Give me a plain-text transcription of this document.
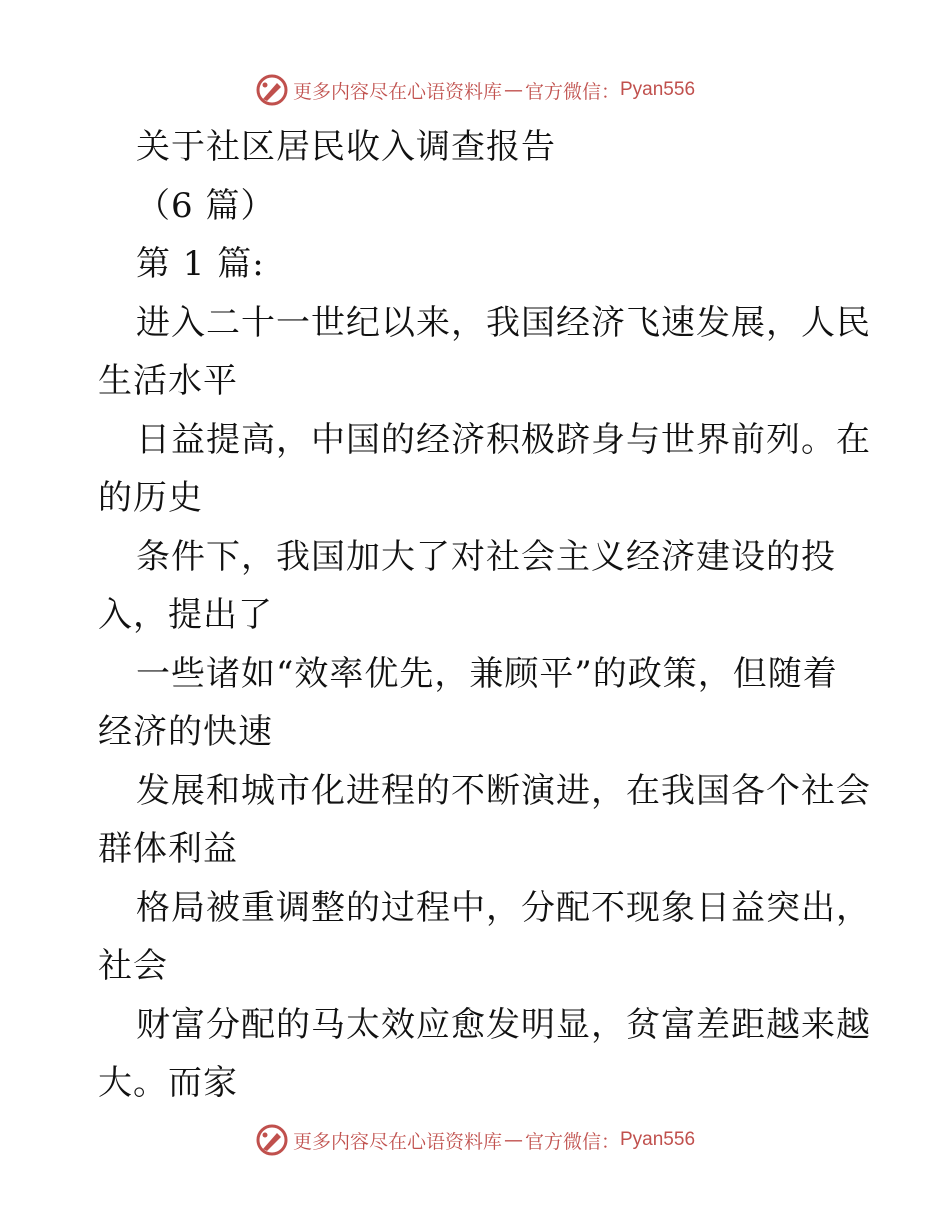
更多内容尽在心语资料库 — 官方微信： Pyan556
关于社区居民收入调查报告
（6 篇）
第 1 篇:
进入二十一世纪以来，我国经济飞速发展，人民
生活水平
日益提高，中国的经济积极跻身与世界前列。在
的历史
条件下，我国加大了对社会主义经济建设的投
入，提出了
一些诸如“效率优先，兼顾平”的政策，但随着
经济的快速
发展和城市化进程的不断演进，在我国各个社会
群体利益
格局被重调整的过程中，分配不现象日益突出，
社会
财富分配的马太效应愈发明显，贫富差距越来越
大。而家
更多内容尽在心语资料库 — 官方微信： Pyan556
